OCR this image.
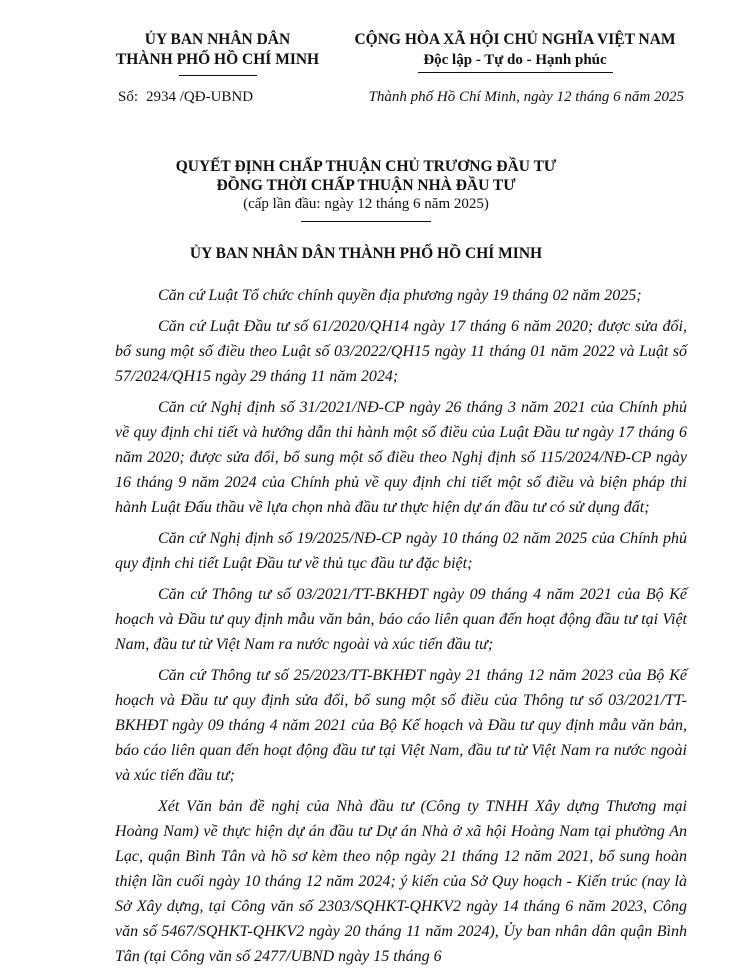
ỦY BAN NHÂN DÂN
THÀNH PHỐ HỒ CHÍ MINH
CỘNG HÒA XÃ HỘI CHỦ NGHĨA VIỆT NAM
Độc lập - Tự do - Hạnh phúc
Số: 2934 /QĐ-UBND	Thành phố Hồ Chí Minh, ngày 12 tháng 6 năm 2025
QUYẾT ĐỊNH CHẤP THUẬN CHỦ TRƯƠNG ĐẦU TƯ
ĐỒNG THỜI CHẤP THUẬN NHÀ ĐẦU TƯ
(cấp lần đầu: ngày 12 tháng 6 năm 2025)
ỦY BAN NHÂN DÂN THÀNH PHỐ HỒ CHÍ MINH

Căn cứ Luật Tổ chức chính quyền địa phương ngày 19 tháng 02 năm 2025;

Căn cứ Luật Đầu tư số 61/2020/QH14 ngày 17 tháng 6 năm 2020; được sửa đổi, bổ sung một số điều theo Luật số 03/2022/QH15 ngày 11 tháng 01 năm 2022 và Luật số 57/2024/QH15 ngày 29 tháng 11 năm 2024;

Căn cứ Nghị định số 31/2021/NĐ-CP ngày 26 tháng 3 năm 2021 của Chính phủ về quy định chi tiết và hướng dẫn thi hành một số điều của Luật Đầu tư ngày 17 tháng 6 năm 2020; được sửa đổi, bổ sung một số điều theo Nghị định số 115/2024/NĐ-CP ngày 16 tháng 9 năm 2024 của Chính phủ về quy định chi tiết một số điều và biện pháp thi hành Luật Đấu thầu về lựa chọn nhà đầu tư thực hiện dự án đầu tư có sử dụng đất;

Căn cứ Nghị định số 19/2025/NĐ-CP ngày 10 tháng 02 năm 2025 của Chính phủ quy định chi tiết Luật Đầu tư về thủ tục đầu tư đặc biệt;

Căn cứ Thông tư số 03/2021/TT-BKHĐT ngày 09 tháng 4 năm 2021 của Bộ Kế hoạch và Đầu tư quy định mẫu văn bản, báo cáo liên quan đến hoạt động đầu tư tại Việt Nam, đầu tư từ Việt Nam ra nước ngoài và xúc tiến đầu tư;

Căn cứ Thông tư số 25/2023/TT-BKHĐT ngày 21 tháng 12 năm 2023 của Bộ Kế hoạch và Đầu tư quy định sửa đổi, bổ sung một số điều của Thông tư số 03/2021/TT-BKHĐT ngày 09 tháng 4 năm 2021 của Bộ Kế hoạch và Đầu tư quy định mẫu văn bản, báo cáo liên quan đến hoạt động đầu tư tại Việt Nam, đầu tư từ Việt Nam ra nước ngoài và xúc tiến đầu tư;

Xét Văn bản đề nghị của Nhà đầu tư (Công ty TNHH Xây dựng Thương mại Hoàng Nam) về thực hiện dự án đầu tư Dự án Nhà ở xã hội Hoàng Nam tại phường An Lạc, quận Bình Tân và hồ sơ kèm theo nộp ngày 21 tháng 12 năm 2021, bổ sung hoàn thiện lần cuối ngày 10 tháng 12 năm 2024; ý kiến của Sở Quy hoạch - Kiến trúc (nay là Sở Xây dựng, tại Công văn số 2303/SQHKT-QHKV2 ngày 14 tháng 6 năm 2023, Công văn số 5467/SQHKT-QHKV2 ngày 20 tháng 11 năm 2024), Ủy ban nhân dân quận Bình Tân (tại Công văn số 2477/UBND ngày 15 tháng 6
